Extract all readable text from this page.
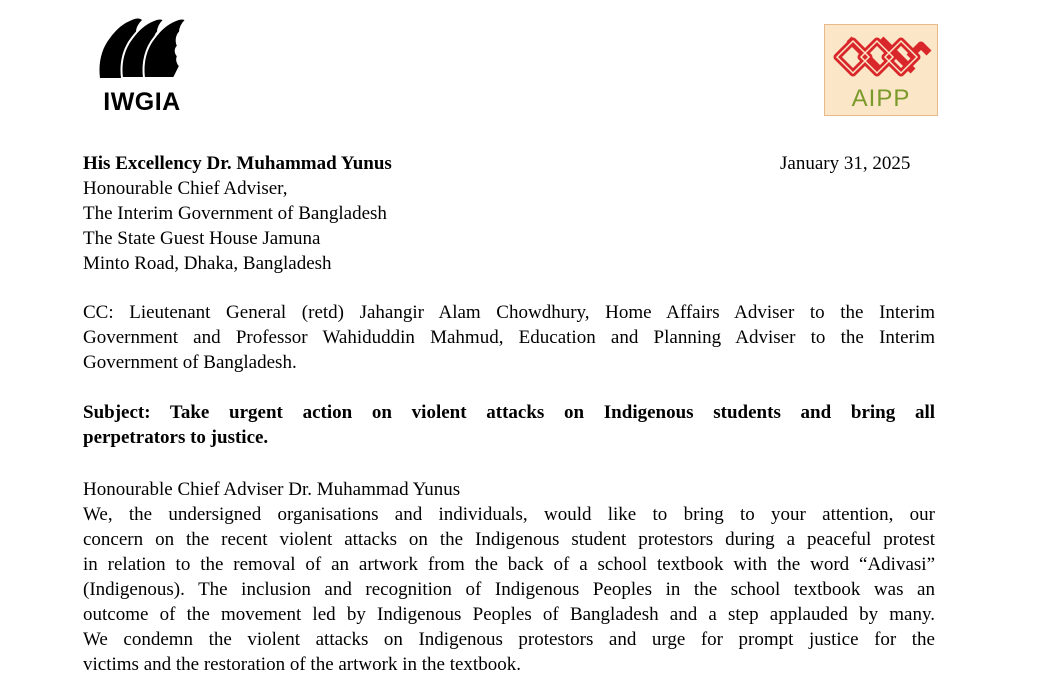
IWGIA	AIPP
January 31, 2025
His Excellency Dr. Muhammad Yunus
Honourable Chief Adviser,
The Interim Government of Bangladesh
The State Guest House Jamuna
Minto Road, Dhaka, Bangladesh
CC: Lieutenant General (retd) Jahangir Alam Chowdhury, Home Affairs Adviser to the Interim
Government and Professor Wahiduddin Mahmud, Education and Planning Adviser to the Interim
Government of Bangladesh.
Subject: Take urgent action on violent attacks on Indigenous students and bring all
perpetrators to justice.
Honourable Chief Adviser Dr. Muhammad Yunus
We, the undersigned organisations and individuals, would like to bring to your attention, our
concern on the recent violent attacks on the Indigenous student protestors during a peaceful protest
in relation to the removal of an artwork from the back of a school textbook with the word “Adivasi”
(Indigenous). The inclusion and recognition of Indigenous Peoples in the school textbook was an
outcome of the movement led by Indigenous Peoples of Bangladesh and a step applauded by many.
We condemn the violent attacks on Indigenous protestors and urge for prompt justice for the
victims and the restoration of the artwork in the textbook.
